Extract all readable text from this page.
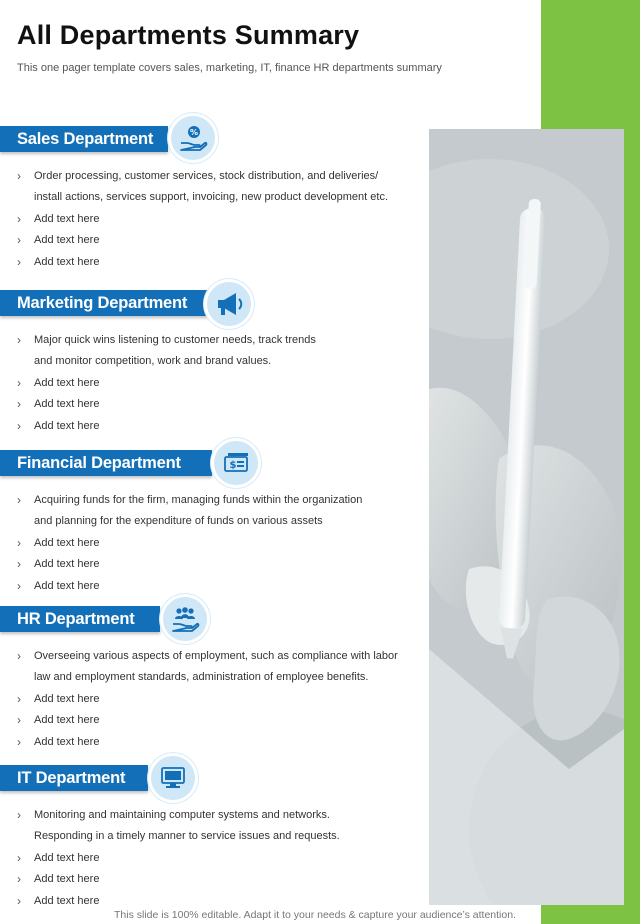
All Departments Summary
This one pager template covers sales, marketing, IT, finance HR departments summary
Sales Department	%
› Order processing, customer services, stock distribution, and deliveries/
install actions, services support, invoicing, new product development etc.
› Add text here
› Add text here
› Add text here
Marketing Department
› Major quick wins listening to customer needs, track trends
and monitor competition, work and brand values.
› Add text here
› Add text here
› Add text here
Financial Department	$
› Acquiring funds for the firm, managing funds within the organization
and planning for the expenditure of funds on various assets
› Add text here
› Add text here
› Add text here
HR Department
› Overseeing various aspects of employment, such as compliance with labor
law and employment standards, administration of employee benefits.
› Add text here
› Add text here
› Add text here
IT Department
› Monitoring and maintaining computer systems and networks.
Responding in a timely manner to service issues and requests.
› Add text here
› Add text here
› Add text here
This slide is 100% editable. Adapt it to your needs & capture your audience’s attention.
